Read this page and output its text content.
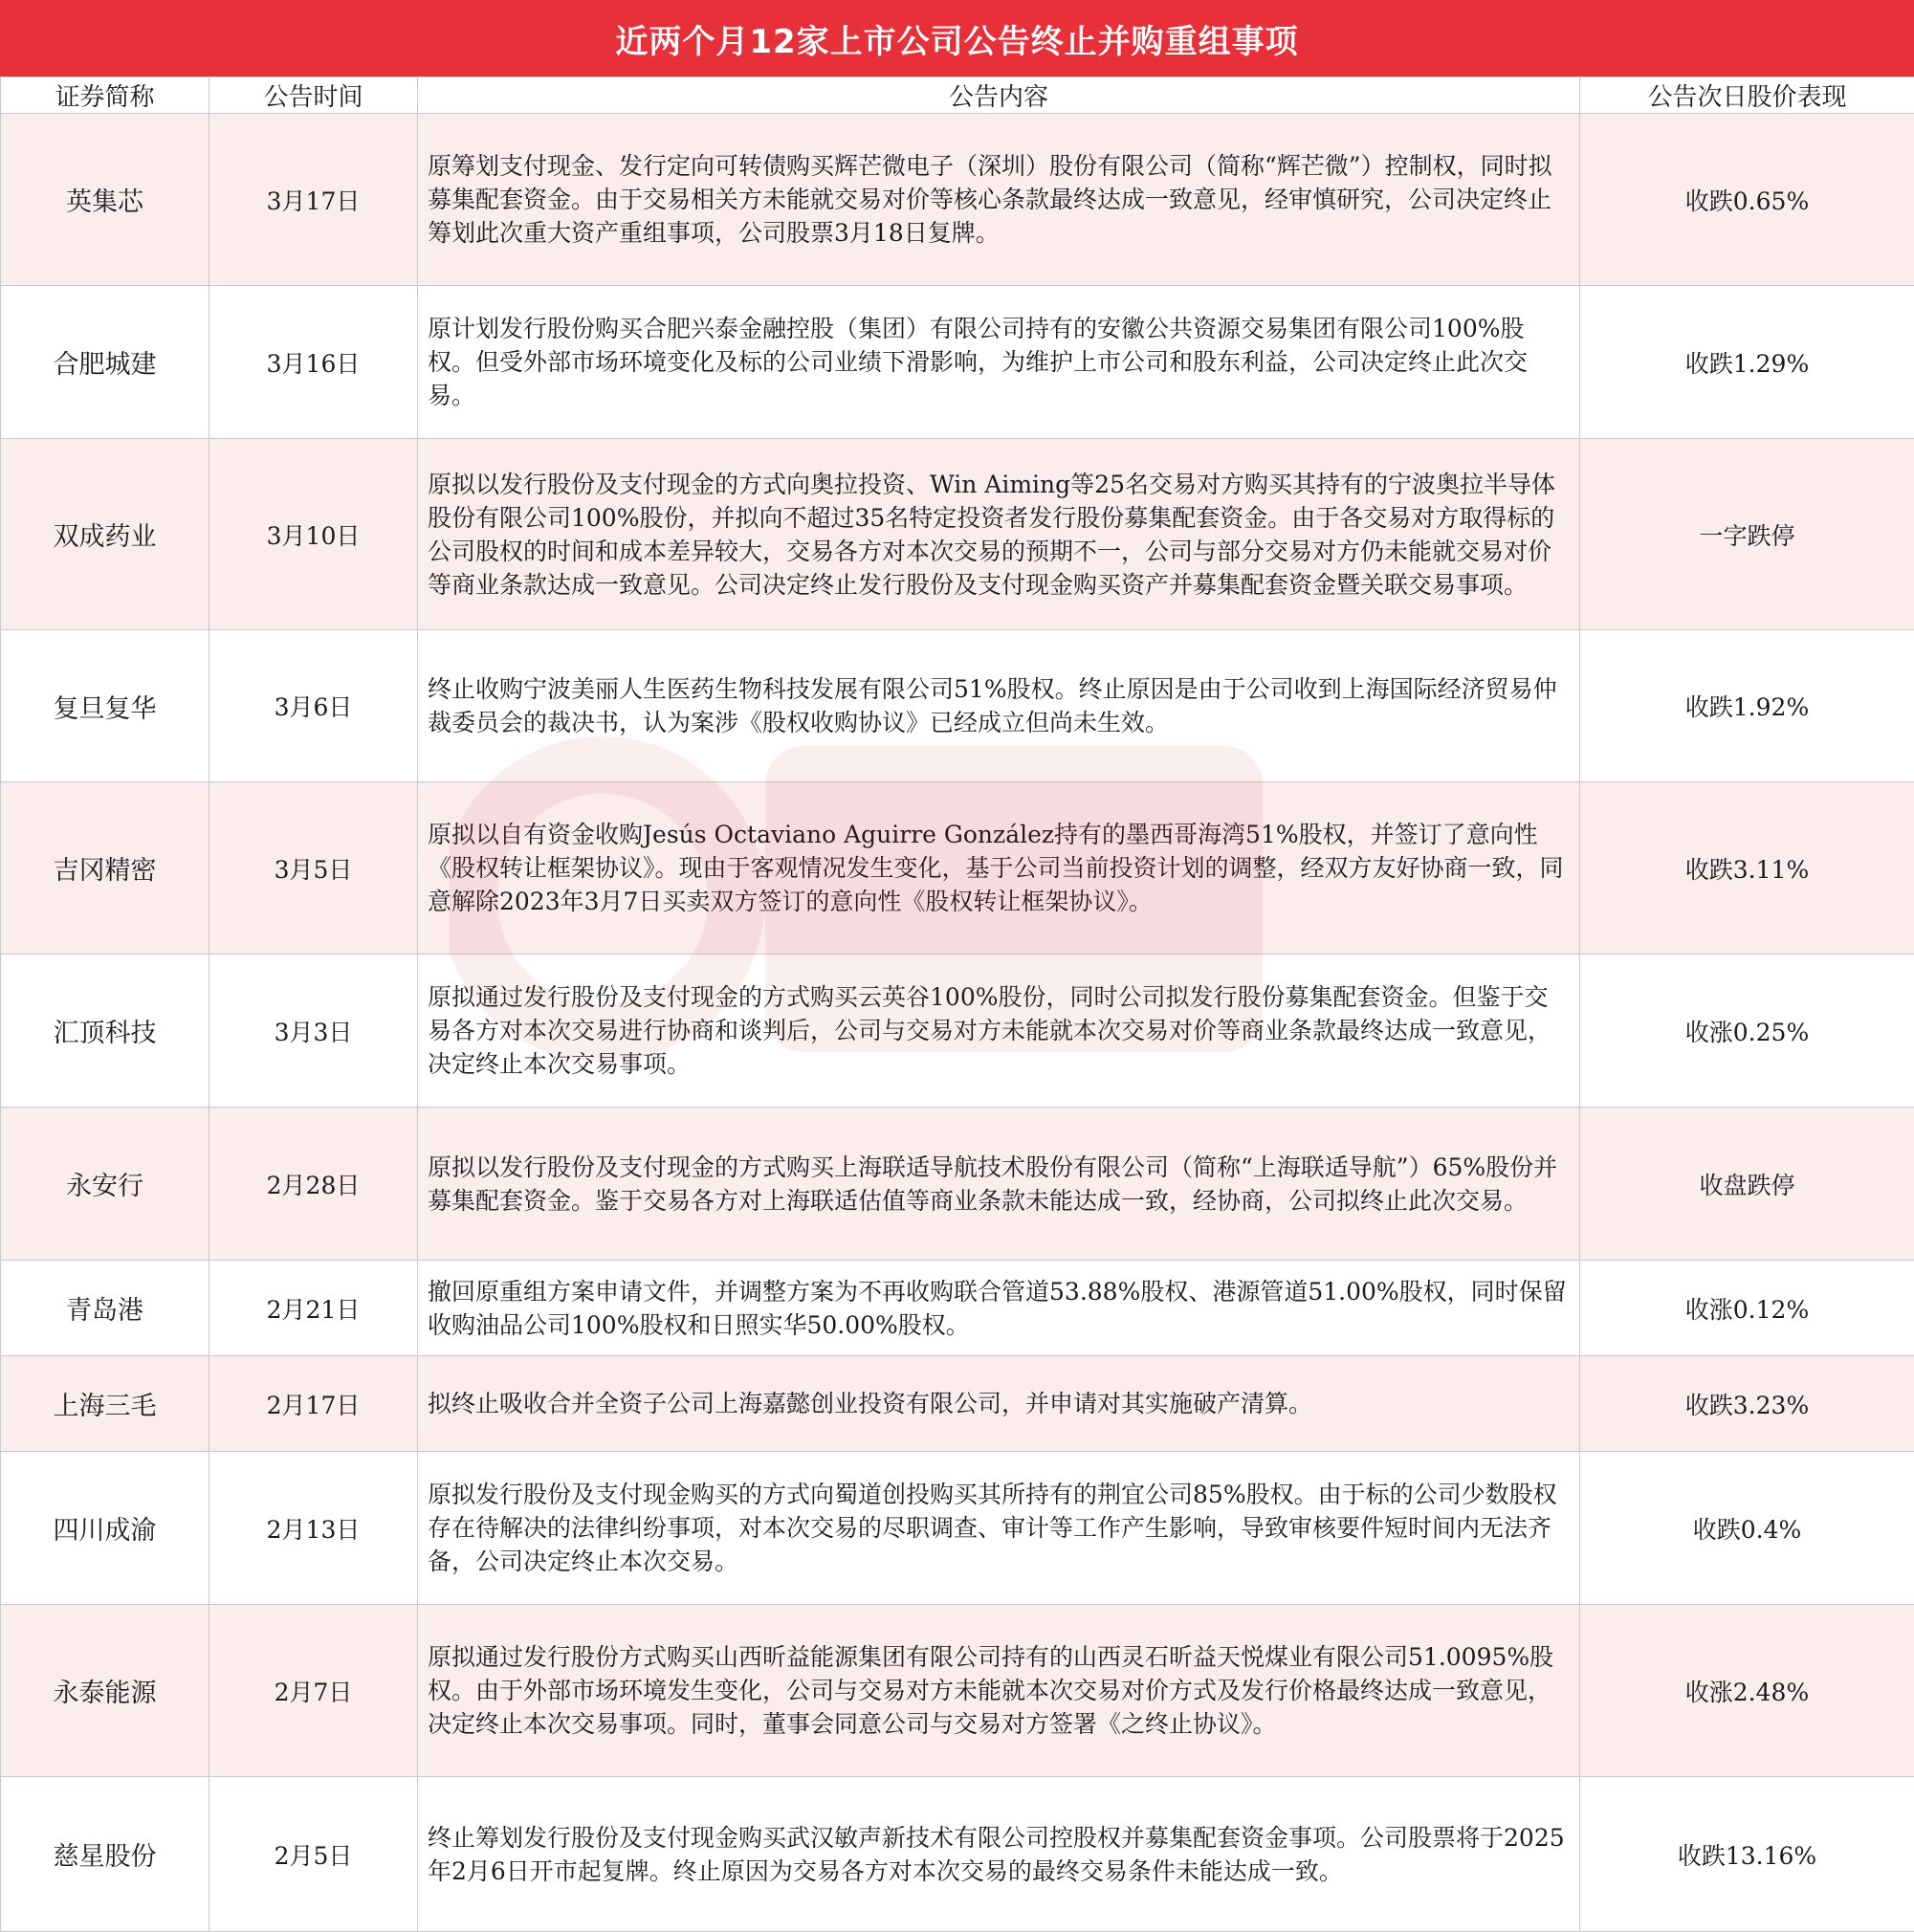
近两个月12家上市公司公告终止并购重组事项
证券简称	公告时间	公告内容	公告次日股价表现
英集芯	3月17日	原筹划支付现金、发行定向可转债购买辉芒微电子（深圳）股份有限公司（简称“辉芒微”）控制权，同时拟募集配套资金。由于交易相关方未能就交易对价等核心条款最终达成一致意见，经审慎研究，公司决定终止筹划此次重大资产重组事项，公司股票3月18日复牌。	收跌0.65%
合肥城建	3月16日	原计划发行股份购买合肥兴泰金融控股（集团）有限公司持有的安徽公共资源交易集团有限公司100%股权。但受外部市场环境变化及标的公司业绩下滑影响，为维护上市公司和股东利益，公司决定终止此次交易。	收跌1.29%
双成药业	3月10日	原拟以发行股份及支付现金的方式向奥拉投资、Win Aiming等25名交易对方购买其持有的宁波奥拉半导体股份有限公司100%股份，并拟向不超过35名特定投资者发行股份募集配套资金。由于各交易对方取得标的公司股权的时间和成本差异较大，交易各方对本次交易的预期不一，公司与部分交易对方仍未能就交易对价等商业条款达成一致意见。公司决定终止发行股份及支付现金购买资产并募集配套资金暨关联交易事项。	一字跌停
复旦复华	3月6日	终止收购宁波美丽人生医药生物科技发展有限公司51%股权。终止原因是由于公司收到上海国际经济贸易仲裁委员会的裁决书，认为案涉《股权收购协议》已经成立但尚未生效。	收跌1.92%
吉冈精密	3月5日	原拟以自有资金收购Jesús Octaviano Aguirre González持有的墨西哥海湾51%股权，并签订了意向性《股权转让框架协议》。现由于客观情况发生变化，基于公司当前投资计划的调整，经双方友好协商一致，同意解除2023年3月7日买卖双方签订的意向性《股权转让框架协议》。	收跌3.11%
汇顶科技	3月3日	原拟通过发行股份及支付现金的方式购买云英谷100%股份，同时公司拟发行股份募集配套资金。但鉴于交易各方对本次交易进行协商和谈判后，公司与交易对方未能就本次交易对价等商业条款最终达成一致意见，决定终止本次交易事项。	收涨0.25%
永安行	2月28日	原拟以发行股份及支付现金的方式购买上海联适导航技术股份有限公司（简称“上海联适导航”）65%股份并募集配套资金。鉴于交易各方对上海联适估值等商业条款未能达成一致，经协商，公司拟终止此次交易。	收盘跌停
青岛港	2月21日	撤回原重组方案申请文件，并调整方案为不再收购联合管道53.88%股权、港源管道51.00%股权，同时保留收购油品公司100%股权和日照实华50.00%股权。	收涨0.12%
上海三毛	2月17日	拟终止吸收合并全资子公司上海嘉懿创业投资有限公司，并申请对其实施破产清算。	收跌3.23%
四川成渝	2月13日	原拟发行股份及支付现金购买的方式向蜀道创投购买其所持有的荆宜公司85%股权。由于标的公司少数股权存在待解决的法律纠纷事项，对本次交易的尽职调查、审计等工作产生影响，导致审核要件短时间内无法齐备，公司决定终止本次交易。	收跌0.4%
永泰能源	2月7日	原拟通过发行股份方式购买山西昕益能源集团有限公司持有的山西灵石昕益天悦煤业有限公司51.0095%股权。由于外部市场环境发生变化，公司与交易对方未能就本次交易对价方式及发行价格最终达成一致意见，决定终止本次交易事项。同时，董事会同意公司与交易对方签署《之终止协议》。	收涨2.48%
慈星股份	2月5日	终止筹划发行股份及支付现金购买武汉敏声新技术有限公司控股权并募集配套资金事项。公司股票将于2025年2月6日开市起复牌。终止原因为交易各方对本次交易的最终交易条件未能达成一致。	收跌13.16%
